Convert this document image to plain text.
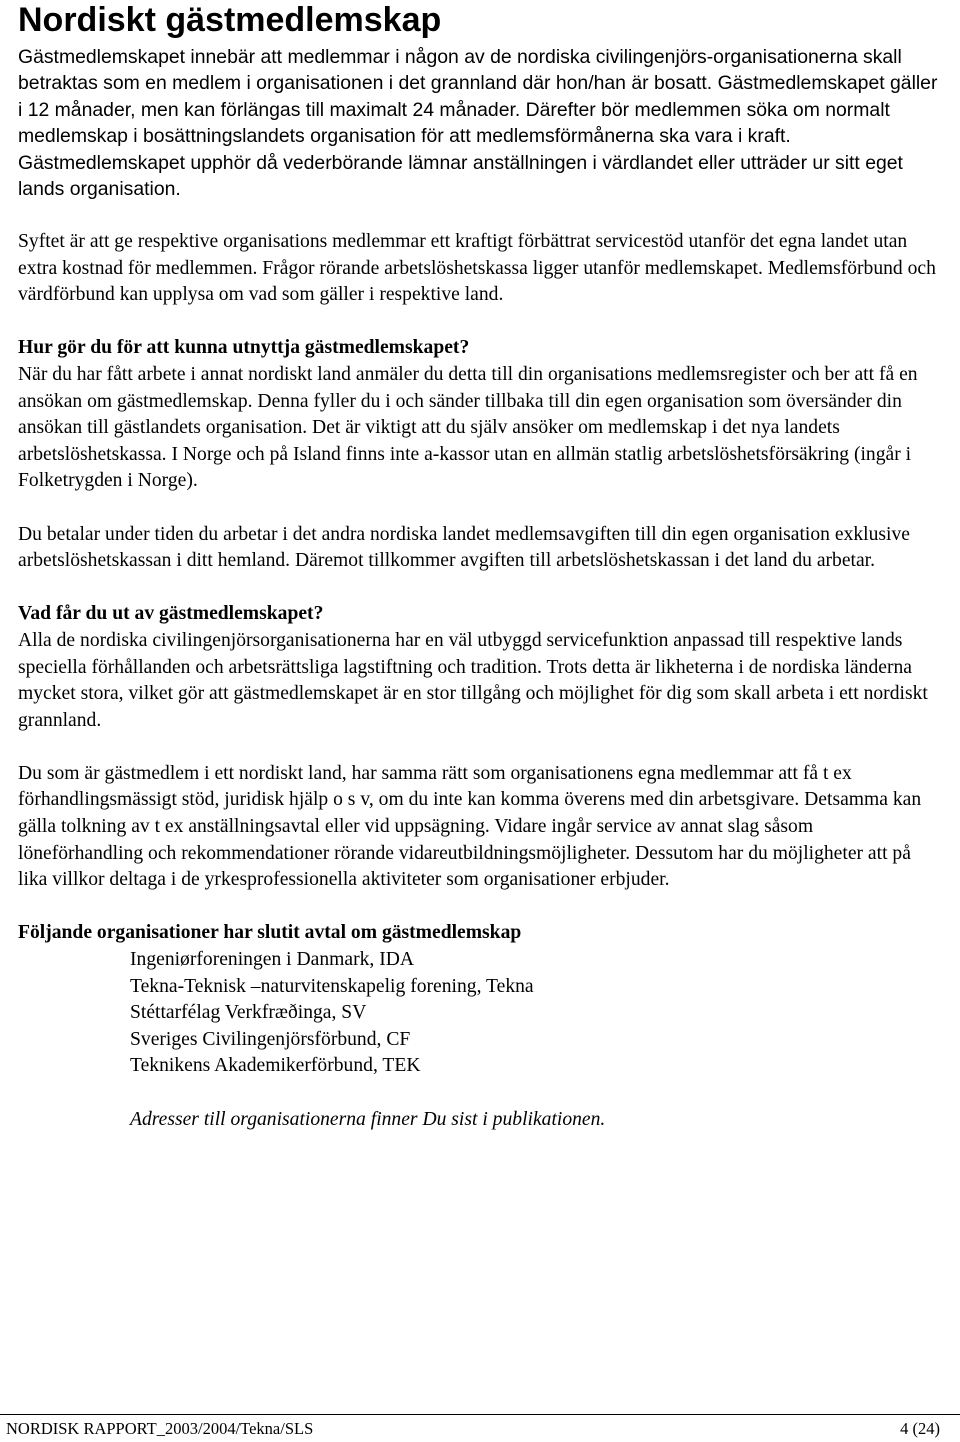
Nordiskt gästmedlemskap

Gästmedlemskapet innebär att medlemmar i någon av de nordiska civilingenjörs-organisationerna skall betraktas som en medlem i organisationen i det grannland där hon/han är bosatt. Gästmedlemskapet gäller i 12 månader, men kan förlängas till maximalt 24 månader. Därefter bör medlemmen söka om normalt medlemskap i bosättningslandets organisation för att medlemsförmånerna ska vara i kraft. Gästmedlemskapet upphör då vederbörande lämnar anställningen i värdlandet eller utträder ur sitt eget lands organisation.

Syftet är att ge respektive organisations medlemmar ett kraftigt förbättrat servicestöd utanför det egna landet utan extra kostnad för medlemmen. Frågor rörande arbetslöshetskassa ligger utanför medlemskapet. Medlemsförbund och värdförbund kan upplysa om vad som gäller i respektive land.

Hur gör du för att kunna utnyttja gästmedlemskapet?
När du har fått arbete i annat nordiskt land anmäler du detta till din organisations medlemsregister och ber att få en ansökan om gästmedlemskap. Denna fyller du i och sänder tillbaka till din egen organisation som översänder din ansökan till gästlandets organisation. Det är viktigt att du själv ansöker om medlemskap i det nya landets arbetslöshetskassa. I Norge och på Island finns inte a-kassor utan en allmän statlig arbetslöshetsförsäkring (ingår i Folketrygden i Norge).

Du betalar under tiden du arbetar i det andra nordiska landet medlemsavgiften till din egen organisation exklusive arbetslöshetskassan i ditt hemland. Däremot tillkommer avgiften till arbetslöshetskassan i det land du arbetar.

Vad får du ut av gästmedlemskapet?
Alla de nordiska civilingenjörsorganisationerna har en väl utbyggd servicefunktion anpassad till respektive lands speciella förhållanden och arbetsrättsliga lagstiftning och tradition. Trots detta är likheterna i de nordiska länderna mycket stora, vilket gör att gästmedlemskapet är en stor tillgång och möjlighet för dig som skall arbeta i ett nordiskt grannland.

Du som är gästmedlem i ett nordiskt land, har samma rätt som organisationens egna medlemmar att få t ex förhandlingsmässigt stöd, juridisk hjälp o s v, om du inte kan komma överens med din arbetsgivare. Detsamma kan gälla tolkning av t ex anställningsavtal eller vid uppsägning. Vidare ingår service av annat slag såsom löneförhandling och rekommendationer rörande vidareutbildningsmöjligheter. Dessutom har du möjligheter att på lika villkor deltaga i de yrkesprofessionella aktiviteter som organisationer erbjuder.

Följande organisationer har slutit avtal om gästmedlemskap
Ingeniørforeningen i Danmark, IDA
Tekna-Teknisk –naturvitenskapelig forening, Tekna
Stéttarfélag Verkfræðinga, SV
Sveriges Civilingenjörsförbund, CF
Teknikens Akademikerförbund, TEK
Adresser till organisationerna finner Du sist i publikationen.
NORDISK RAPPORT_2003/2004/Tekna/SLS	4 (24)
